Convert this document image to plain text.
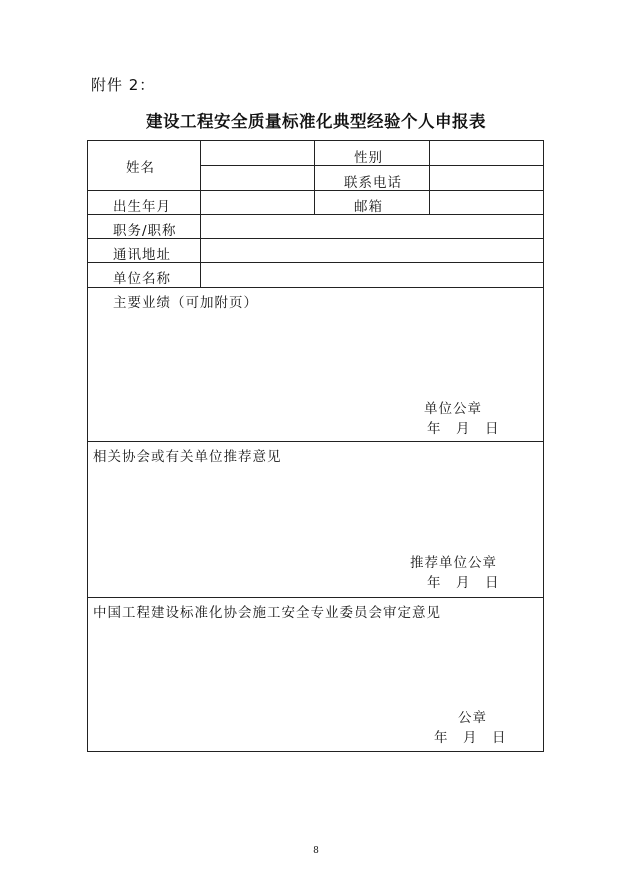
附件 2：
建设工程安全质量标准化典型经验个人申报表
姓名
性别
联系电话
出生年月	邮箱
职务/职称
通讯地址
单位名称
主要业绩（可加附页）
单位公章
年　月　日
相关协会或有关单位推荐意见
推荐单位公章
年　月　日
中国工程建设标准化协会施工安全专业委员会审定意见
公章
年　月　日
8
